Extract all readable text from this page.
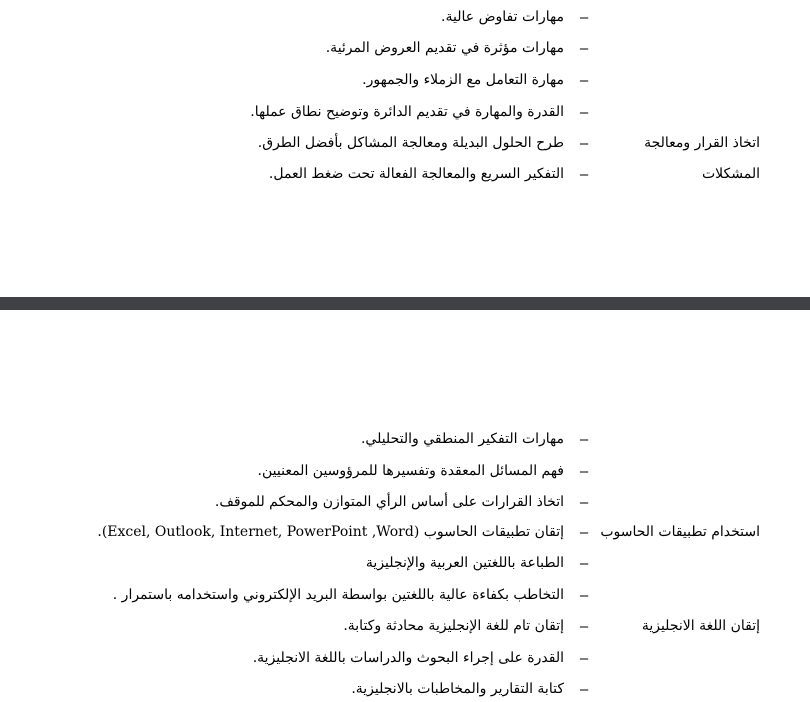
–
مهارات تفاوض عالية.
–
مهارات مؤثرة في تقديم العروض المرئية.
–
مهارة التعامل مع الزملاء والجمهور.
–
القدرة والمهارة في تقديم الدائرة وتوضيح نطاق عملها.
اتخاذ القرار ومعالجة
–
طرح الحلول البديلة ومعالجة المشاكل بأفضل الطرق.
المشكلات
–
التفكير السريع والمعالجة الفعالة تحت ضغط العمل.
–
مهارات التفكير المنطقي والتحليلي.
–
فهم المسائل المعقدة وتفسيرها للمرؤوسين المعنيين.
–
اتخاذ القرارات على أساس الرأي المتوازن والمحكم للموقف.
استخدام تطبيقات الحاسوب
–
إتقان تطبيقات الحاسوب (Excel, Outlook, Internet, PowerPoint ,Word).
–
الطباعة باللغتين العربية والإنجليزية
–
التخاطب بكفاءة عالية باللغتين بواسطة البريد الإلكتروني واستخدامه باستمرار .
إتقان اللغة الانجليزية
–
إتقان تام للغة الإنجليزية محادثة وكتابة.
–
القدرة على إجراء البحوث والدراسات باللغة الانجليزية.
–
كتابة التقارير والمخاطبات بالانجليزية.
